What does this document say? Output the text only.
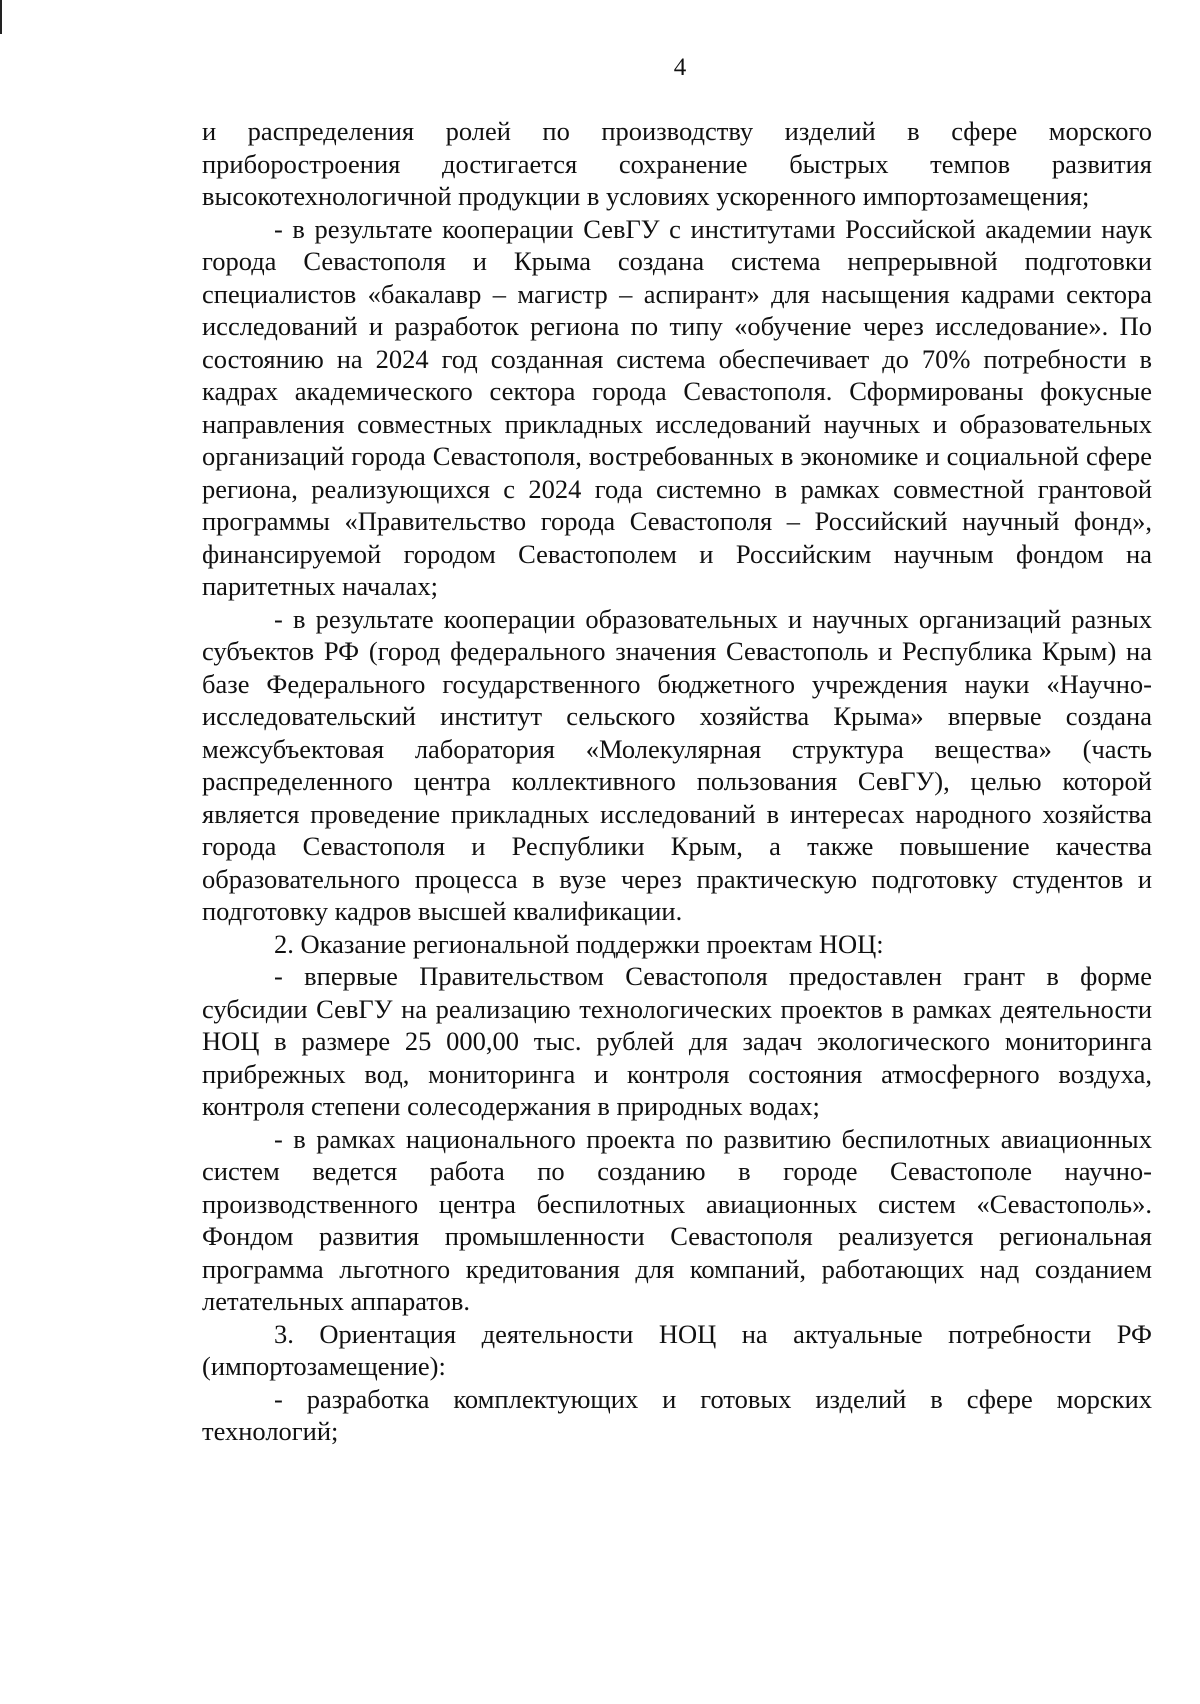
4

и распределения ролей по производству изделий в сфере морского приборостроения достигается сохранение быстрых темпов развития высокотехнологичной продукции в условиях ускоренного импортозамещения;

- в результате кооперации СевГУ с институтами Российской академии наук города Севастополя и Крыма создана система непрерывной подготовки специалистов «бакалавр – магистр – аспирант» для насыщения кадрами сектора исследований и разработок региона по типу «обучение через исследование». По состоянию на 2024 год созданная система обеспечивает до 70% потребности в кадрах академического сектора города Севастополя. Сформированы фокусные направления совместных прикладных исследований научных и образовательных организаций города Севастополя, востребованных в экономике и социальной сфере региона, реализующихся с 2024 года системно в рамках совместной грантовой программы «Правительство города Севастополя – Российский научный фонд», финансируемой городом Севастополем и Российским научным фондом на паритетных началах;

- в результате кооперации образовательных и научных организаций разных субъектов РФ (город федерального значения Севастополь и Республика Крым) на базе Федерального государственного бюджетного учреждения науки «Научно-исследовательский институт сельского хозяйства Крыма» впервые создана межсубъектовая лаборатория «Молекулярная структура вещества» (часть распределенного центра коллективного пользования СевГУ), целью которой является проведение прикладных исследований в интересах народного хозяйства города Севастополя и Республики Крым, а также повышение качества образовательного процесса в вузе через практическую подготовку студентов и подготовку кадров высшей квалификации.

2. Оказание региональной поддержки проектам НОЦ:

- впервые Правительством Севастополя предоставлен грант в форме субсидии СевГУ на реализацию технологических проектов в рамках деятельности НОЦ в размере 25 000,00 тыс. рублей для задач экологического мониторинга прибрежных вод, мониторинга и контроля состояния атмосферного воздуха, контроля степени солесодержания в природных водах;

- в рамках национального проекта по развитию беспилотных авиационных систем ведется работа по созданию в городе Севастополе научно-производственного центра беспилотных авиационных систем «Севастополь». Фондом развития промышленности Севастополя реализуется региональная программа льготного кредитования для компаний, работающих над созданием летательных аппаратов.

3. Ориентация деятельности НОЦ на актуальные потребности РФ (импортозамещение):

- разработка комплектующих и готовых изделий в сфере морских технологий;
